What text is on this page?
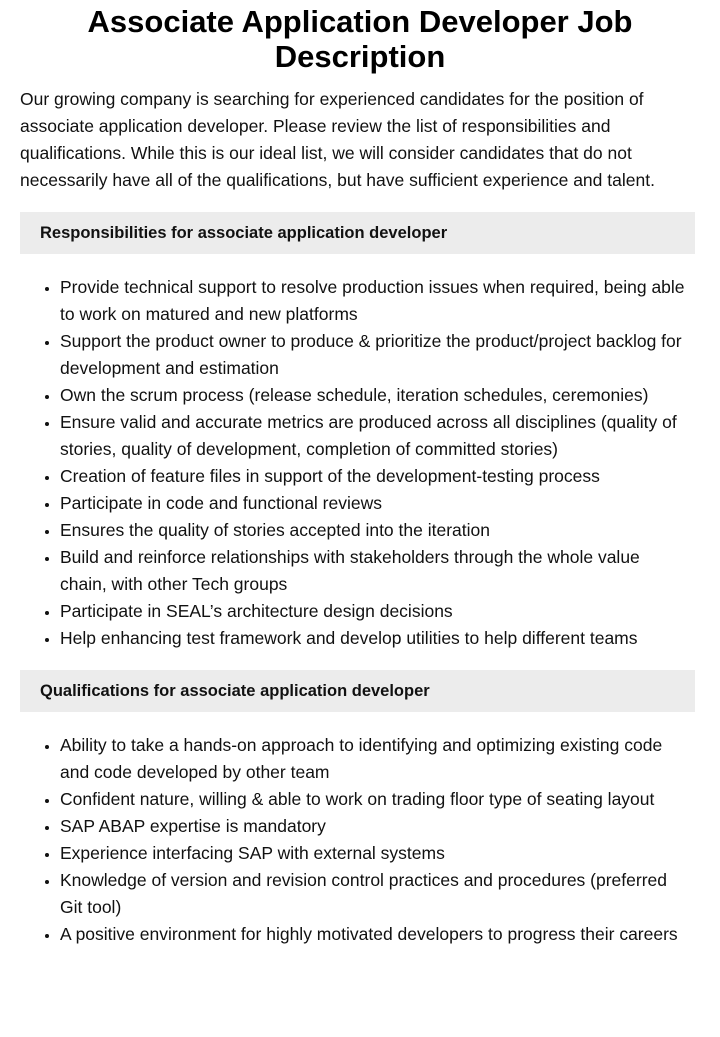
Associate Application Developer Job Description

Our growing company is searching for experienced candidates for the position of associate application developer. Please review the list of responsibilities and qualifications. While this is our ideal list, we will consider candidates that do not necessarily have all of the qualifications, but have sufficient experience and talent.

Responsibilities for associate application developer
• Provide technical support to resolve production issues when required, being able to work on matured and new platforms
• Support the product owner to produce & prioritize the product/project backlog for development and estimation
• Own the scrum process (release schedule, iteration schedules, ceremonies)
• Ensure valid and accurate metrics are produced across all disciplines (quality of stories, quality of development, completion of committed stories)
• Creation of feature files in support of the development-testing process
• Participate in code and functional reviews
• Ensures the quality of stories accepted into the iteration
• Build and reinforce relationships with stakeholders through the whole value chain, with other Tech groups
• Participate in SEAL’s architecture design decisions
• Help enhancing test framework and develop utilities to help different teams
Qualifications for associate application developer
• Ability to take a hands-on approach to identifying and optimizing existing code and code developed by other team
• Confident nature, willing & able to work on trading floor type of seating layout
• SAP ABAP expertise is mandatory
• Experience interfacing SAP with external systems
• Knowledge of version and revision control practices and procedures (preferred Git tool)
• A positive environment for highly motivated developers to progress their careers
